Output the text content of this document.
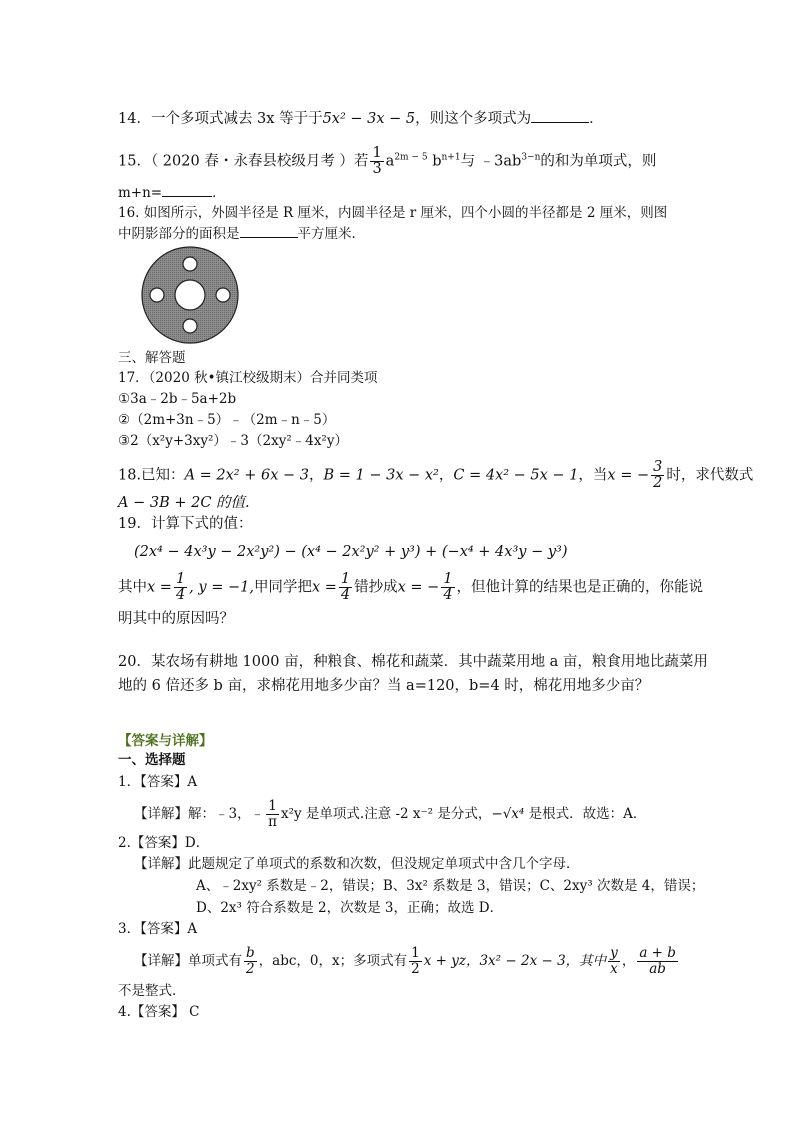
14．一个多项式减去 3x 等于于5x² − 3x − 5，则这个多项式为	．
15．（ 2020 春・永春县校级月考 ）若 $\frac{1}{3} a^{2m - 5}$ $b^{n+1}$与 $﹣3ab^{3-n}$的和为单项式，则
m+n=	．
16. 如图所示，外圆半径是 R 厘米，内圆半径是 r 厘米，四个小圆的半径都是 2 厘米，则图
中阴影部分的面积是	平方厘米．
三、解答题
17．（2020 秋•镇江校级期末）合并同类项
①3a﹣2b﹣5a+2b
②（2m+3n﹣5）﹣（2m﹣n﹣5）
③2（x²y+3xy²）﹣3（2xy²﹣4x²y）
18.已知：A = 2x² + 6x − 3，B = 1 − 3x − x²，C = 4x² − 5x − 1，当x = − $\frac{3}{2}$ 时，求代数式
A − 3B + 2C 的值.
19．计算下式的值：
(2x⁴ − 4x³y − 2x²y²) − (x⁴ − 2x²y² + y³) + (−x⁴ + 4x³y − y³)
其中$x = \frac{1}{4}$ , y = −1,甲同学把$x = \frac{1}{4}$ 错抄成x = − $\frac{1}{4}$ ，但他计算的结果也是正确的，你能说
明其中的原因吗？
20．某农场有耕地 1000 亩，种粮食、棉花和蔬菜．其中蔬菜用地 a 亩，粮食用地比蔬菜用
地的 6 倍还多 b 亩，求棉花用地多少亩？当 a=120，b=4 时，棉花用地多少亩？
【答案与详解】
一、选择题
1．【答案】A
【详解】解：﹣3，﹣ $\frac{1}{\pi} x^2y$ 是单项式.注意 -2 x⁻² 是分式，−√x⁴ 是根式．故选：A．
2.【答案】D．
【详解】此题规定了单项式的系数和次数，但没规定单项式中含几个字母．
A、﹣2xy² 系数是﹣2，错误；B、3x² 系数是 3，错误；C、2xy³ 次数是 4，错误；
D、2x³ 符合系数是 2，次数是 3，正确；故选 D．
3．【答案】A
【详解】单项式有 $\frac{b}{2}$ ，abc，0，x；多项式有 $\frac{1}{2}$ x + yz，3x² − 2x − 3，其中 $\frac{y}{x}$ ， $\frac{a + b}{ab}$
不是整式．
4.【答案】 C
